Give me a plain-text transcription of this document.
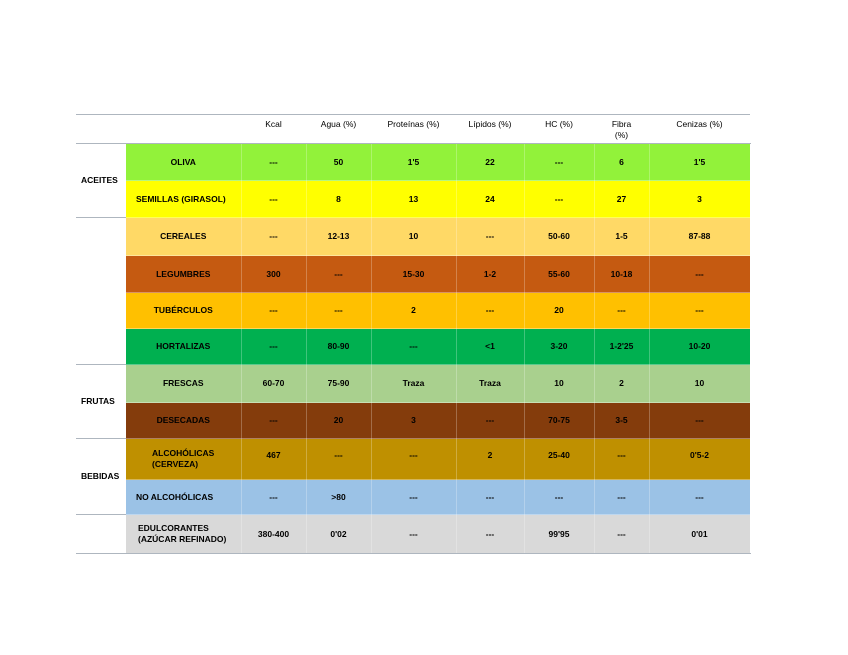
		Kcal	Agua (%)	Proteínas (%)	Lípidos (%)	HC (%)	Fibra (%)	Cenizas (%)
ACEITES	OLIVA	---	50	1'5	22	---	6	1'5
	SEMILLAS (GIRASOL)	---	8	13	24	---	27	3
	CEREALES	---	12-13	10	---	50-60	1-5	87-88
	LEGUMBRES	300	---	15-30	1-2	55-60	10-18	---
	TUBÉRCULOS	---	---	2	---	20	---	---
	HORTALIZAS	---	80-90	---	<1	3-20	1-2'25	10-20
FRUTAS	FRESCAS	60-70	75-90	Traza	Traza	10	2	10
	DESECADAS	---	20	3	---	70-75	3-5	---
BEBIDAS	ALCOHÓLICAS (CERVEZA)	467	---	---	2	25-40	---	0'5-2
	NO ALCOHÓLICAS	---	>80	---	---	---	---	---
	EDULCORANTES (AZÚCAR REFINADO)	380-400	0'02	---	---	99'95	---	0'01
